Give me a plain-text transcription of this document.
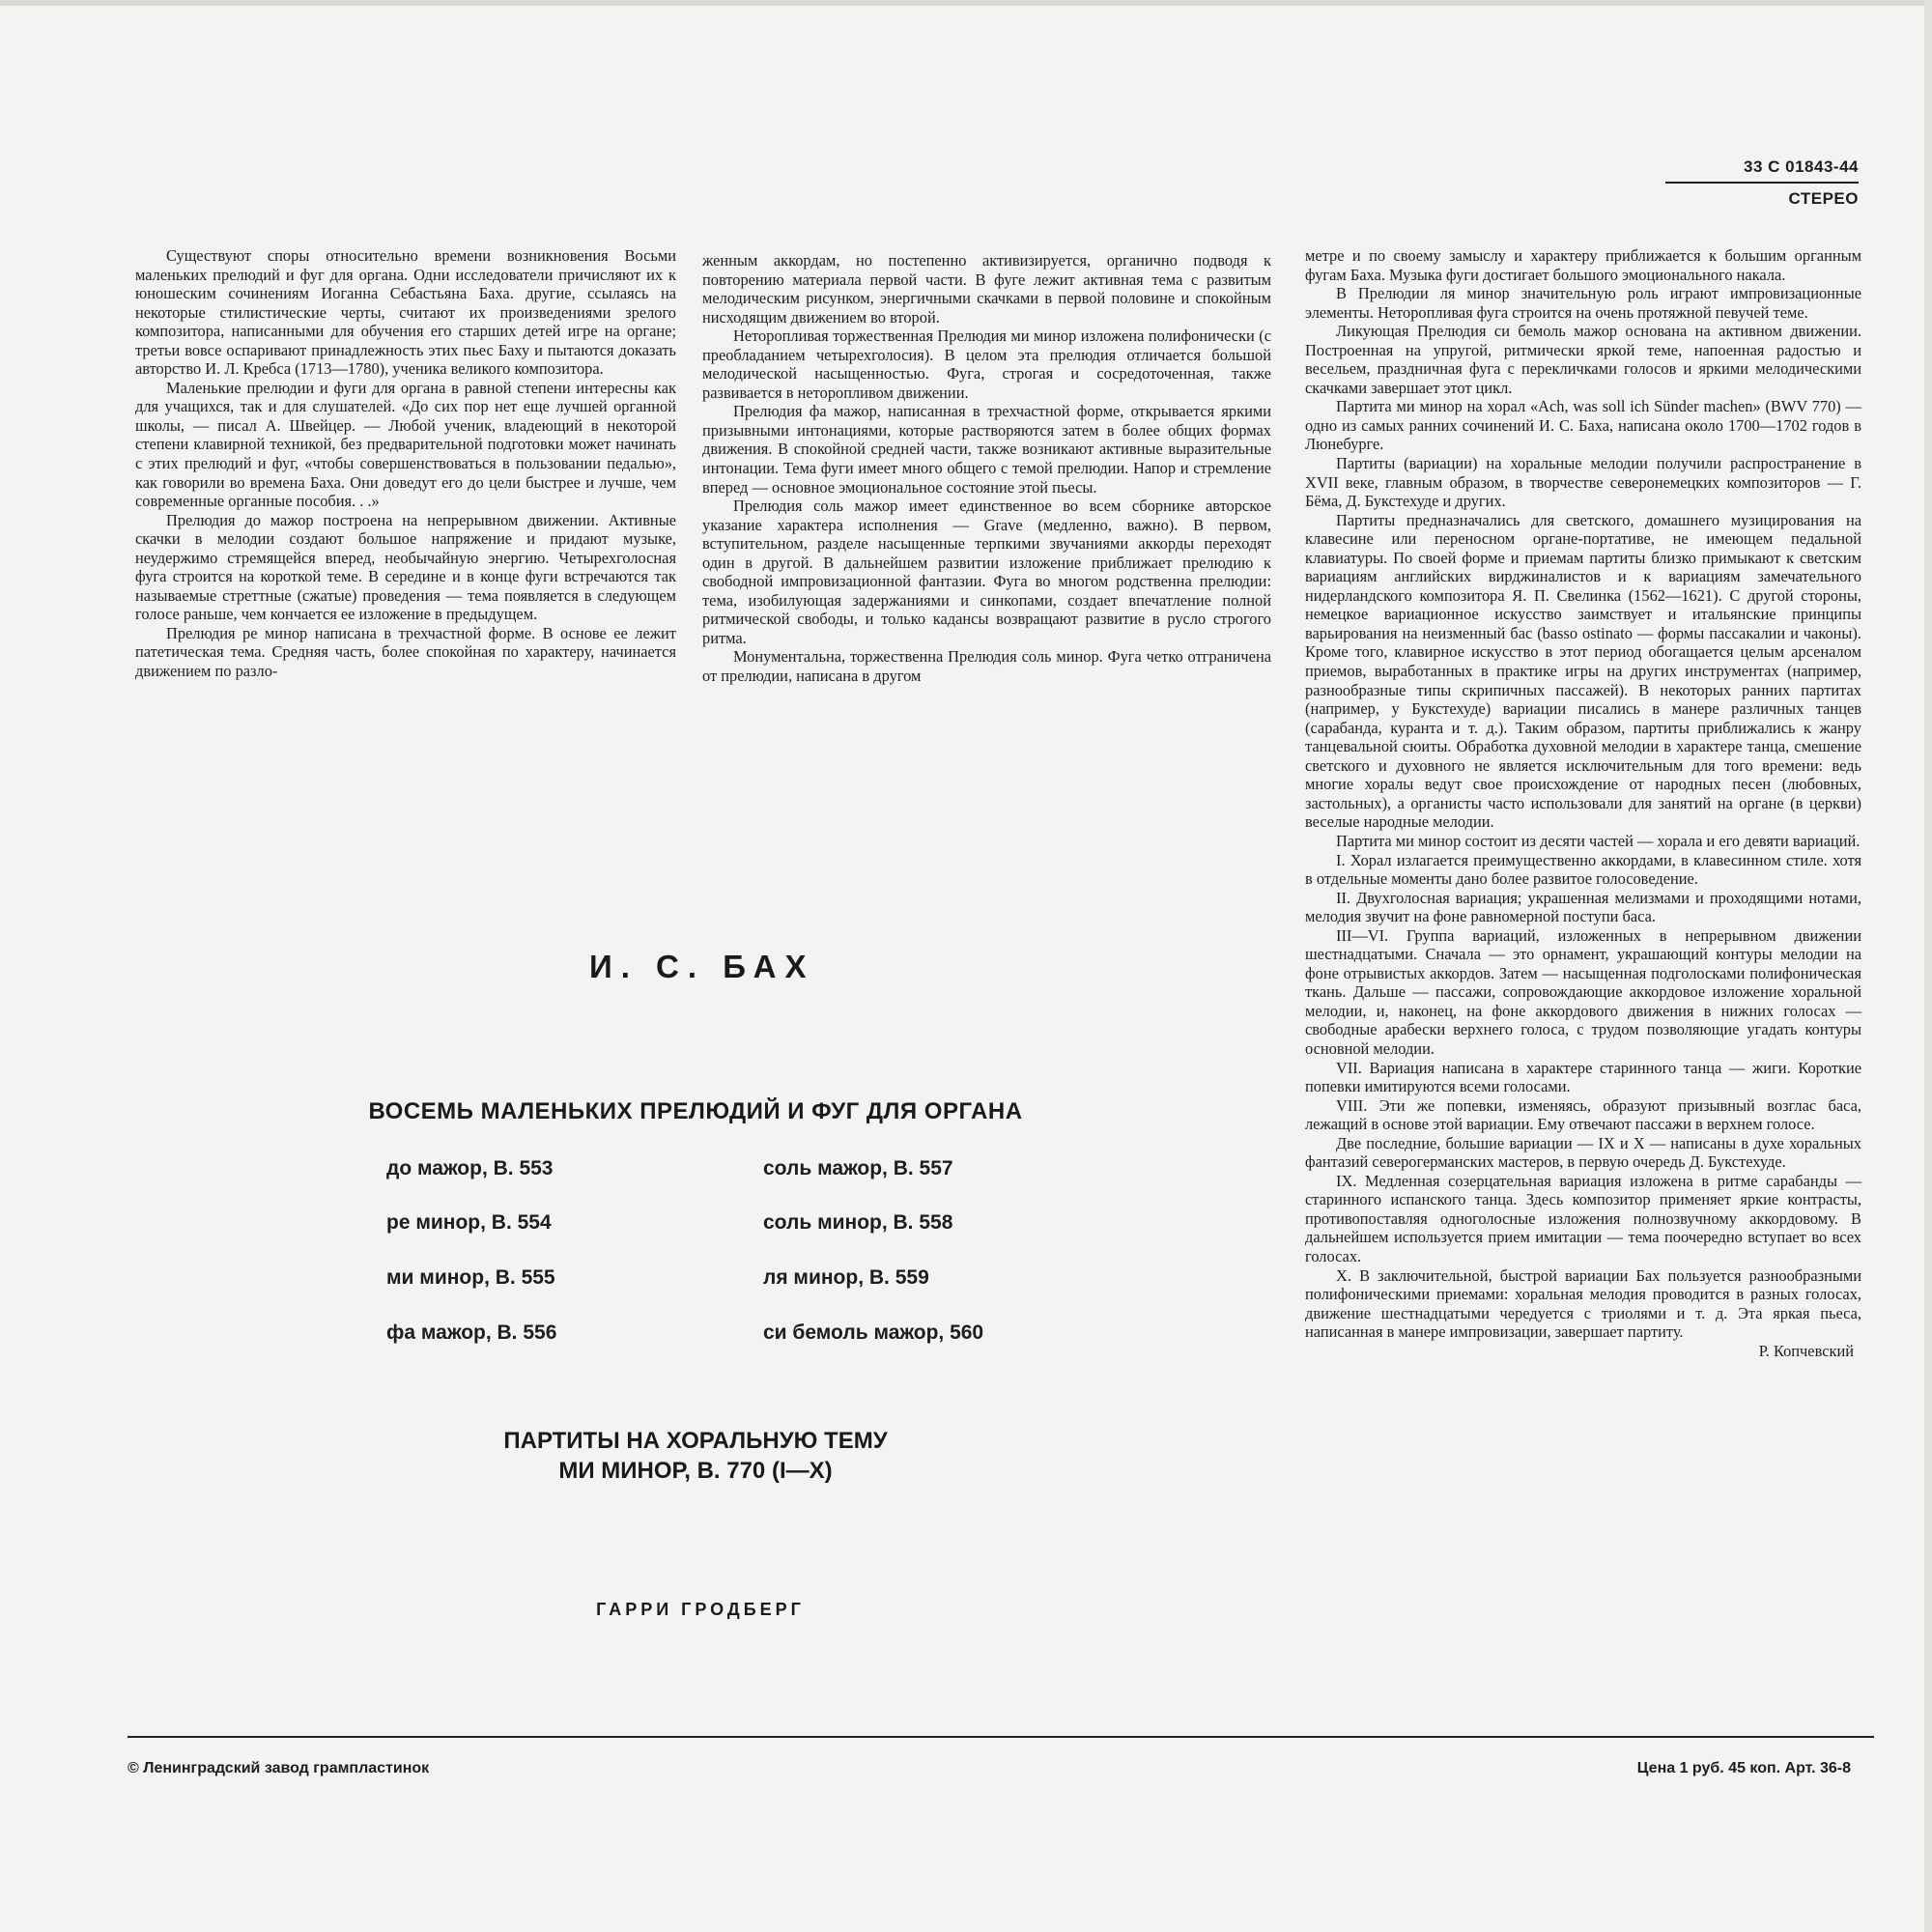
33 С 01843-44
СТЕРЕО

Существуют споры относительно времени возникновения Восьми маленьких прелюдий и фуг для органа. Одни исследователи причисляют их к юношеским сочинениям Иоганна Себастьяна Баха. другие, ссылаясь на некоторые стилистические черты, считают их произведениями зрелого композитора, написанными для обучения его старших детей игре на органе; третьи вовсе оспаривают принадлежность этих пьес Баху и пытаются доказать авторство И. Л. Кребса (1713—1780), ученика великого композитора.

Маленькие прелюдии и фуги для органа в равной степени интересны как для учащихся, так и для слушателей. «До сих пор нет еще лучшей органной школы, — писал А. Швейцер. — Любой ученик, владеющий в некоторой степени клавирной техникой, без предварительной подготовки может начинать с этих прелюдий и фуг, «чтобы совершенствоваться в пользовании педалью», как говорили во времена Баха. Они доведут его до цели быстрее и лучше, чем современные органные пособия. . .»

Прелюдия до мажор построена на непрерывном движении. Активные скачки в мелодии создают большое напряжение и придают музыке, неудержимо стремящейся вперед, необычайную энергию. Четырехголосная фуга строится на короткой теме. В середине и в конце фуги встречаются так называемые стреттные (сжатые) проведения — тема появляется в следующем голосе раньше, чем кончается ее изложение в предыдущем.

Прелюдия ре минор написана в трехчастной форме. В основе ее лежит патетическая тема. Средняя часть, более спокойная по характеру, начинается движением по разло-

женным аккордам, но постепенно активизируется, органично подводя к повторению материала первой части. В фуге лежит активная тема с развитым мелодическим рисунком, энергичными скачками в первой половине и спокойным нисходящим движением во второй.

Неторопливая торжественная Прелюдия ми минор изложена полифонически (с преобладанием четырехголосия). В целом эта прелюдия отличается большой мелодической насыщенностью. Фуга, строгая и сосредоточенная, также развивается в неторопливом движении.

Прелюдия фа мажор, написанная в трехчастной форме, открывается яркими призывными интонациями, которые растворяются затем в более общих формах движения. В спокойной средней части, также возникают активные выразительные интонации. Тема фуги имеет много общего с темой прелюдии. Напор и стремление вперед — основное эмоциональное состояние этой пьесы.

Прелюдия соль мажор имеет единственное во всем сборнике авторское указание характера исполнения — Grave (медленно, важно). В первом, вступительном, разделе насыщенные терпкими звучаниями аккорды переходят один в другой. В дальнейшем развитии изложение приближает прелюдию к свободной импровизационной фантазии. Фуга во многом родственна прелюдии: тема, изобилующая задержаниями и синкопами, создает впечатление полной ритмической свободы, и только кадансы возвращают развитие в русло строгого ритма.

Монументальна, торжественна Прелюдия соль минор. Фуга четко отграничена от прелюдии, написана в другом

метре и по своему замыслу и характеру приближается к большим органным фугам Баха. Музыка фуги достигает большого эмоционального накала.

В Прелюдии ля минор значительную роль играют импровизационные элементы. Неторопливая фуга строится на очень протяжной певучей теме.

Ликующая Прелюдия си бемоль мажор основана на активном движении. Построенная на упругой, ритмически яркой теме, напоенная радостью и весельем, праздничная фуга с перекличками голосов и яркими мелодическими скачками завершает этот цикл.

Партита ми минор на хорал «Ach, was soll ich Sünder machen» (BWV 770) — одно из самых ранних сочинений И. С. Баха, написана около 1700—1702 годов в Люнебурге.

Партиты (вариации) на хоральные мелодии получили распространение в XVII веке, главным образом, в творчестве северонемецких композиторов — Г. Бёма, Д. Букстехуде и других.

Партиты предназначались для светского, домашнего музицирования на клавесине или переносном органе-портативе, не имеющем педальной клавиатуры. По своей форме и приемам партиты близко примыкают к светским вариациям английских вирджиналистов и к вариациям замечательного нидерландского композитора Я. П. Свелинка (1562—1621). С другой стороны, немецкое вариационное искусство заимствует и итальянские принципы варьирования на неизменный бас (basso ostinato — формы пассакалии и чаконы). Кроме того, клавирное искусство в этот период обогащается целым арсеналом приемов, выработанных в практике игры на других инструментах (например, разнообразные типы скрипичных пассажей). В некоторых ранних партитах (например, у Букстехуде) вариации писались в манере различных танцев (сарабанда, куранта и т. д.). Таким образом, партиты приближались к жанру танцевальной сюиты. Обработка духовной мелодии в характере танца, смешение светского и духовного не является исключительным для того времени: ведь многие хоралы ведут свое происхождение от народных песен (любовных, застольных), а органисты часто использовали для занятий на органе (в церкви) веселые народные мелодии.

Партита ми минор состоит из десяти частей — хорала и его девяти вариаций.

I. Хорал излагается преимущественно аккордами, в клавесинном стиле. хотя в отдельные моменты дано более развитое голосоведение.

II. Двухголосная вариация; украшенная мелизмами и проходящими нотами, мелодия звучит на фоне равномерной поступи баса.

III—VI. Группа вариаций, изложенных в непрерывном движении шестнадцатыми. Сначала — это орнамент, украшающий контуры мелодии на фоне отрывистых аккордов. Затем — насыщенная подголосками полифоническая ткань. Дальше — пассажи, сопровождающие аккордовое изложение хоральной мелодии, и, наконец, на фоне аккордового движения в нижних голосах — свободные арабески верхнего голоса, с трудом позволяющие угадать контуры основной мелодии.

VII. Вариация написана в характере старинного танца — жиги. Короткие попевки имитируются всеми голосами.

VIII. Эти же попевки, изменяясь, образуют призывный возглас баса, лежащий в основе этой вариации. Ему отвечают пассажи в верхнем голосе.

Две последние, большие вариации — IX и X — написаны в духе хоральных фантазий северогерманских мастеров, в первую очередь Д. Букстехуде.

IX. Медленная созерцательная вариация изложена в ритме сарабанды — старинного испанского танца. Здесь композитор применяет яркие контрасты, противопоставляя одноголосные изложения полнозвучному аккордовому. В дальнейшем используется прием имитации — тема поочередно вступает во всех голосах.

X. В заключительной, быстрой вариации Бах пользуется разнообразными полифоническими приемами: хоральная мелодия проводится в разных голосах, движение шестнадцатыми чередуется с триолями и т. д. Эта яркая пьеса, написанная в манере импровизации, завершает партиту.

Р. Копчевский

И. С. БАХ
ВОСЕМЬ МАЛЕНЬКИХ ПРЕЛЮДИЙ И ФУГ ДЛЯ ОРГАНА
до мажор, В. 553	соль мажор, В. 557
ре минор, В. 554	соль минор, В. 558
ми минор, В. 555	ля минор, В. 559
фа мажор, В. 556	си бемоль мажор, 560
ПАРТИТЫ НА ХОРАЛЬНУЮ ТЕМУ
МИ МИНОР, В. 770 (I—X)
ГАРРИ ГРОДБЕРГ
© Ленинградский завод грампластинок	Цена 1 руб. 45 коп. Арт. 36-8
